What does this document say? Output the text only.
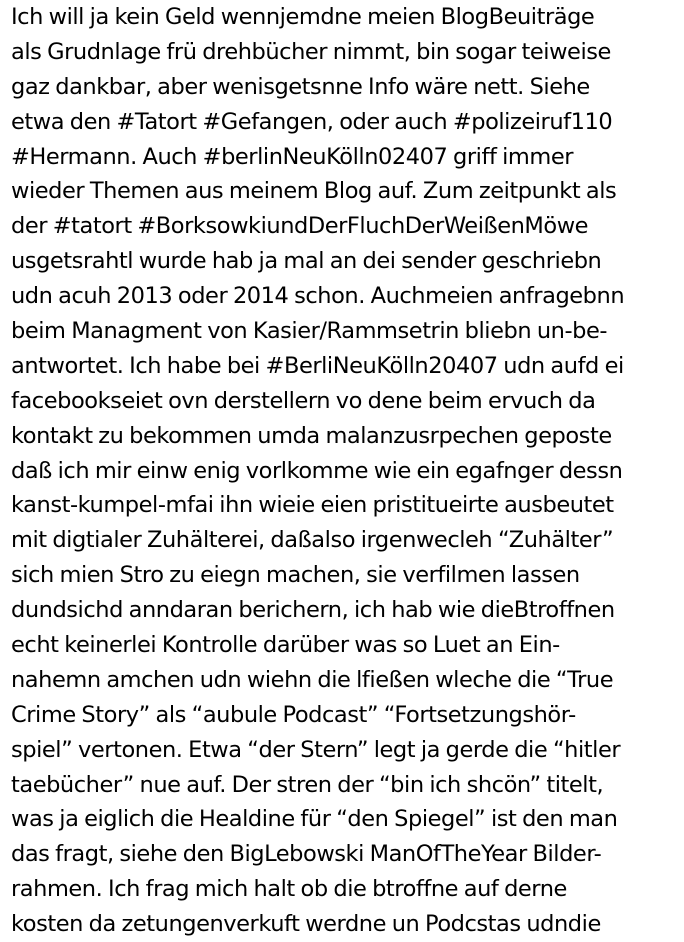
Ich will ja kein Geld wennjemdne meien BlogBeuiträge
als Grudnlage frü drehbücher nimmt, bin sogar teiweise
gaz dankbar, aber wenisgetsnne Info wäre nett. Siehe
etwa den #Tatort #Gefangen, oder auch #polizeiruf110
#Hermann. Auch #berlinNeuKölln02407 griff immer
wieder Themen aus meinem Blog auf. Zum zeitpunkt als
der #tatort #BorksowkiundDerFluchDerWeißenMöwe
usgetsrahtl wurde hab ja mal an dei sender geschriebn
udn acuh 2013 oder 2014 schon. Auchmeien anfragebnn
beim Managment von Kasier/Rammsetrin bliebn un-be-
antwortet. Ich habe bei #BerliNeuKölln20407 udn aufd ei
facebookseiet ovn derstellern vo dene beim ervuch da
kontakt zu bekommen umda malanzusrpechen geposte
daß ich mir einw enig vorlkomme wie ein egafnger dessn
kanst-kumpel-mfai ihn wieie eien pristitueirte ausbeutet
mit digtialer Zuhälterei, daßalso irgenwecleh “Zuhälter”
sich mien Stro zu eiegn machen, sie verfilmen lassen
dundsichd anndaran berichern, ich hab wie dieBtroffnen
echt keinerlei Kontrolle darüber was so Luet an Ein-
nahemn amchen udn wiehn die lfießen wleche die “True
Crime Story” als “aubule Podcast” “Fortsetzungshör-
spiel” vertonen. Etwa “der Stern” legt ja gerde die “hitler
taebücher” nue auf. Der stren der “bin ich shcön” titelt,
was ja eiglich die Healdine für “den Spiegel” ist den man
das fragt, siehe den BigLebowski ManOfTheYear Bilder-
rahmen. Ich frag mich halt ob die btroffne auf derne
kosten da zetungenverkuft werdne un Podcstas udndie
